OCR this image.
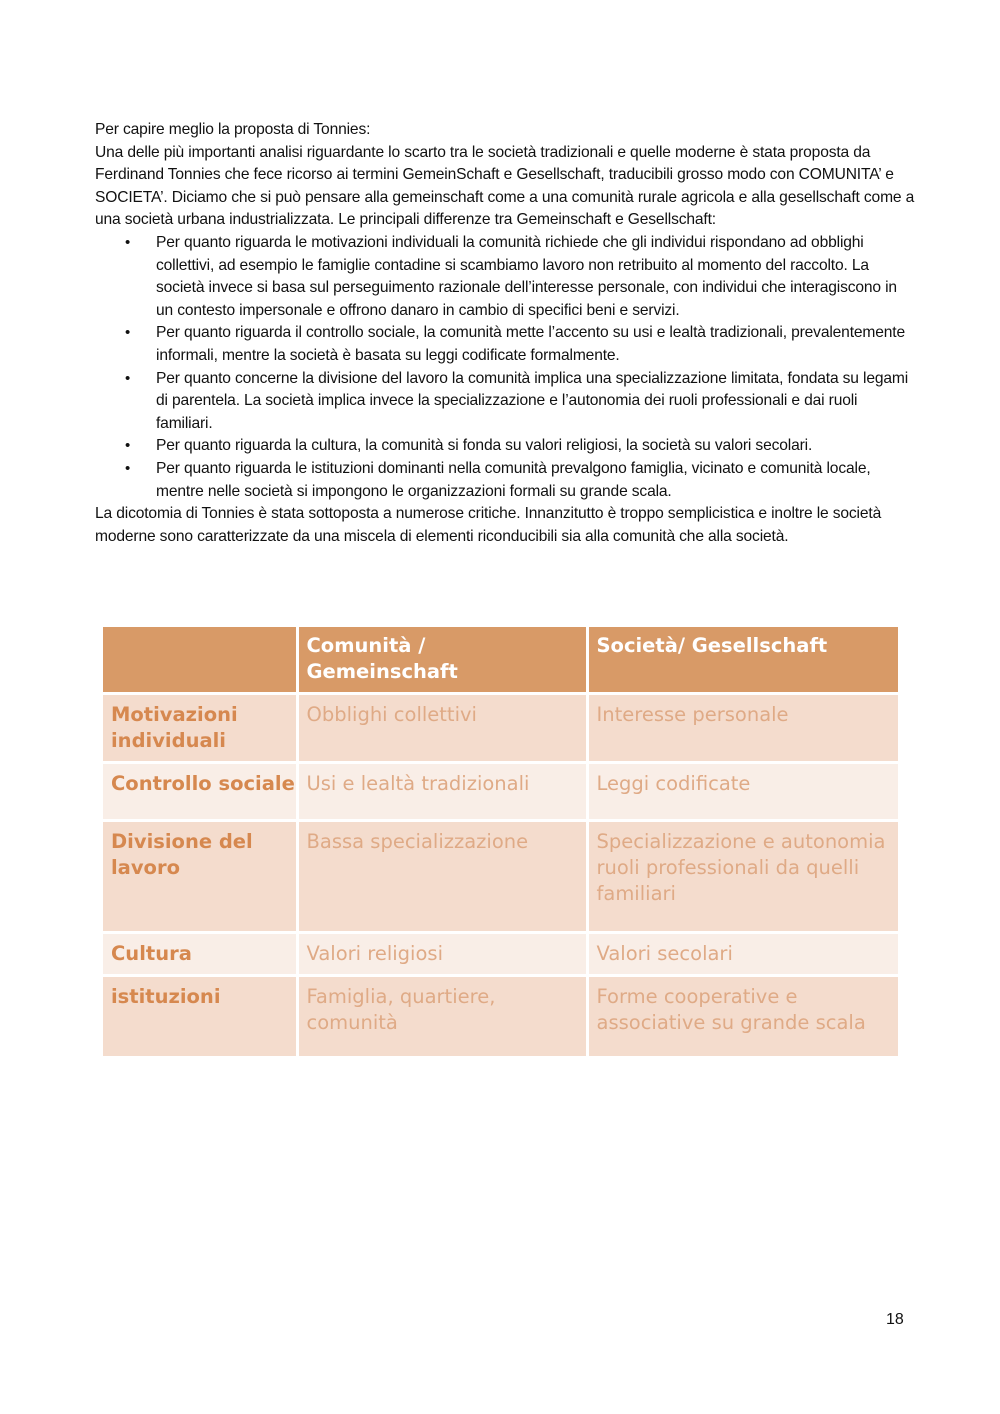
Per capire meglio la proposta di Tonnies:

Una delle più importanti analisi riguardante lo scarto tra le società tradizionali e quelle moderne è stata proposta da Ferdinand Tonnies che fece ricorso ai termini GemeinSchaft e Gesellschaft, traducibili grosso modo con COMUNITA’ e SOCIETA’. Diciamo che si può pensare alla gemeinschaft come a una comunità rurale agricola e alla gesellschaft come a una società urbana industrializzata. Le principali differenze tra Gemeinschaft e Gesellschaft:

• Per quanto riguarda le motivazioni individuali la comunità richiede che gli individui rispondano ad obblighi collettivi, ad esempio le famiglie contadine si scambiamo lavoro non retribuito al momento del raccolto. La società invece si basa sul perseguimento razionale dell’interesse personale, con individui che interagiscono in un contesto impersonale e offrono danaro in cambio di specifici beni e servizi.
• Per quanto riguarda il controllo sociale, la comunità mette l’accento su usi e lealtà tradizionali, prevalentemente informali, mentre la società è basata su leggi codificate formalmente.
• Per quanto concerne la divisione del lavoro la comunità implica una specializzazione limitata, fondata su legami di parentela. La società implica invece la specializzazione e l’autonomia dei ruoli professionali e dai ruoli familiari.
• Per quanto riguarda la cultura, la comunità si fonda su valori religiosi, la società su valori secolari.
• Per quanto riguarda le istituzioni dominanti nella comunità prevalgono famiglia, vicinato e comunità locale, mentre nelle società si impongono le organizzazioni formali su grande scala.

La dicotomia di Tonnies è stata sottoposta a numerose critiche. Innanzitutto è troppo semplicistica e inoltre le società moderne sono caratterizzate da una miscela di elementi riconducibili sia alla comunità che alla società.

	Comunità / Gemeinschaft	Società/ Gesellschaft
Motivazioni individuali	Obblighi collettivi	Interesse personale
Controllo sociale	Usi e lealtà tradizionali	Leggi codificate
Divisione del lavoro	Bassa specializzazione	Specializzazione e autonomia ruoli professionali da quelli familiari
Cultura	Valori religiosi	Valori secolari
istituzioni	Famiglia, quartiere, comunità	Forme cooperative e associative su grande scala
18
